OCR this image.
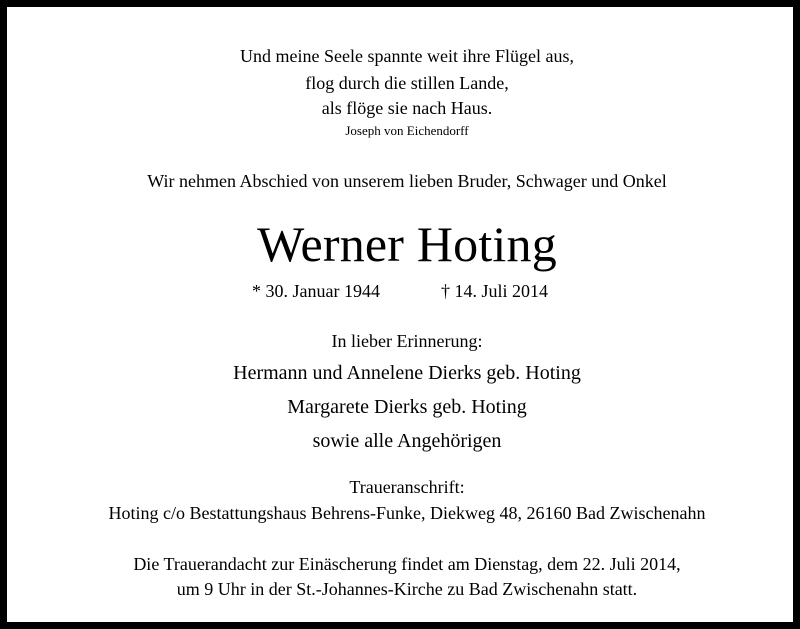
Und meine Seele spannte weit ihre Flügel aus,
flog durch die stillen Lande,
als flöge sie nach Haus.
Joseph von Eichendorff
Wir nehmen Abschied von unserem lieben Bruder, Schwager und Onkel
Werner Hoting
* 30. Januar 1944	† 14. Juli 2014
In lieber Erinnerung:
Hermann und Annelene Dierks geb. Hoting
Margarete Dierks geb. Hoting
sowie alle Angehörigen
Traueranschrift:
Hoting c/o Bestattungshaus Behrens-Funke, Diekweg 48, 26160 Bad Zwischenahn
Die Trauerandacht zur Einäscherung findet am Dienstag, dem 22. Juli 2014,
um 9 Uhr in der St.-Johannes-Kirche zu Bad Zwischenahn statt.
